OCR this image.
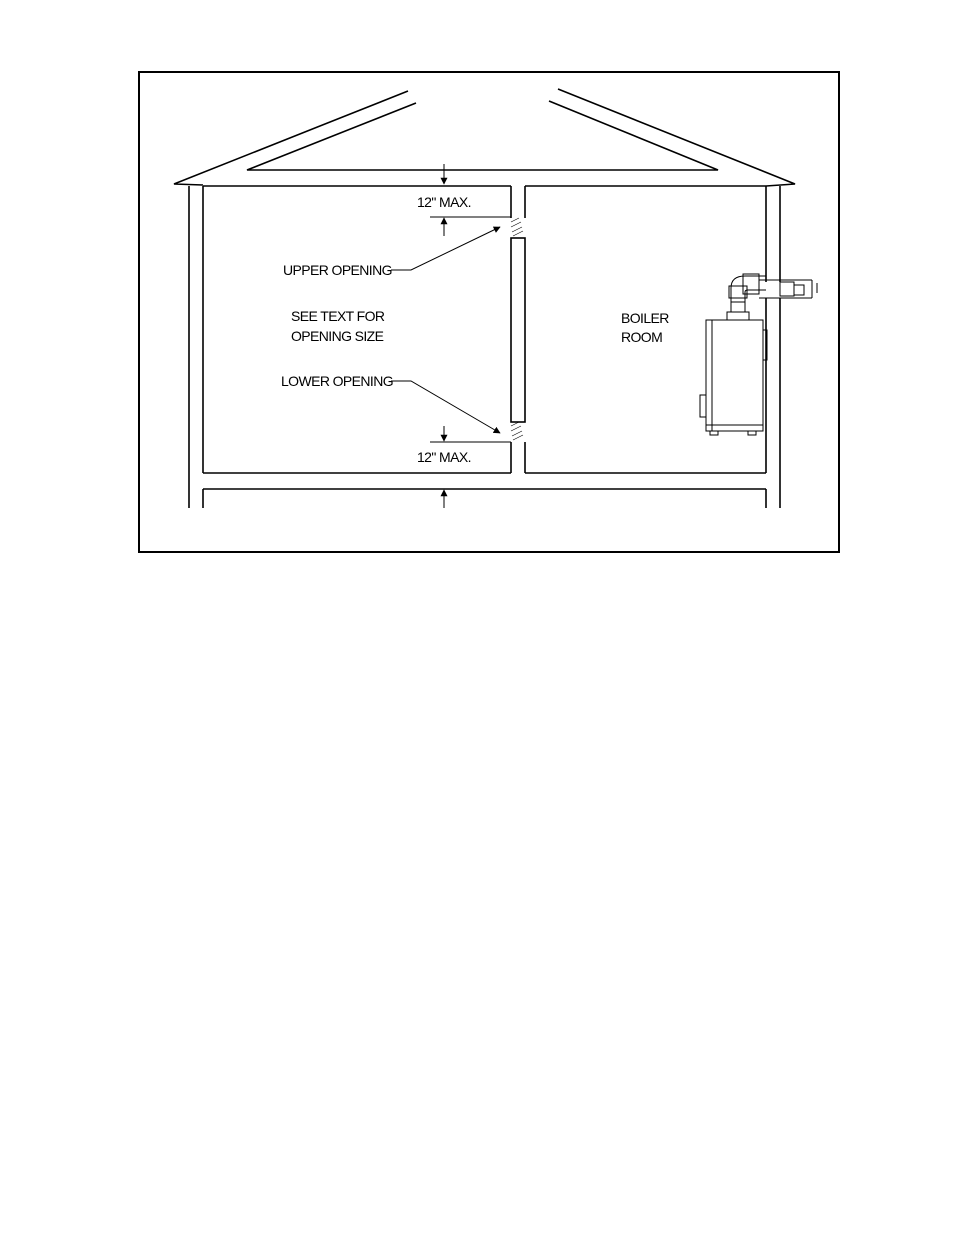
12" MAX.
12" MAX.
UPPER OPENING
LOWER OPENING
SEE TEXT FOR
OPENING SIZE
BOILER
ROOM
